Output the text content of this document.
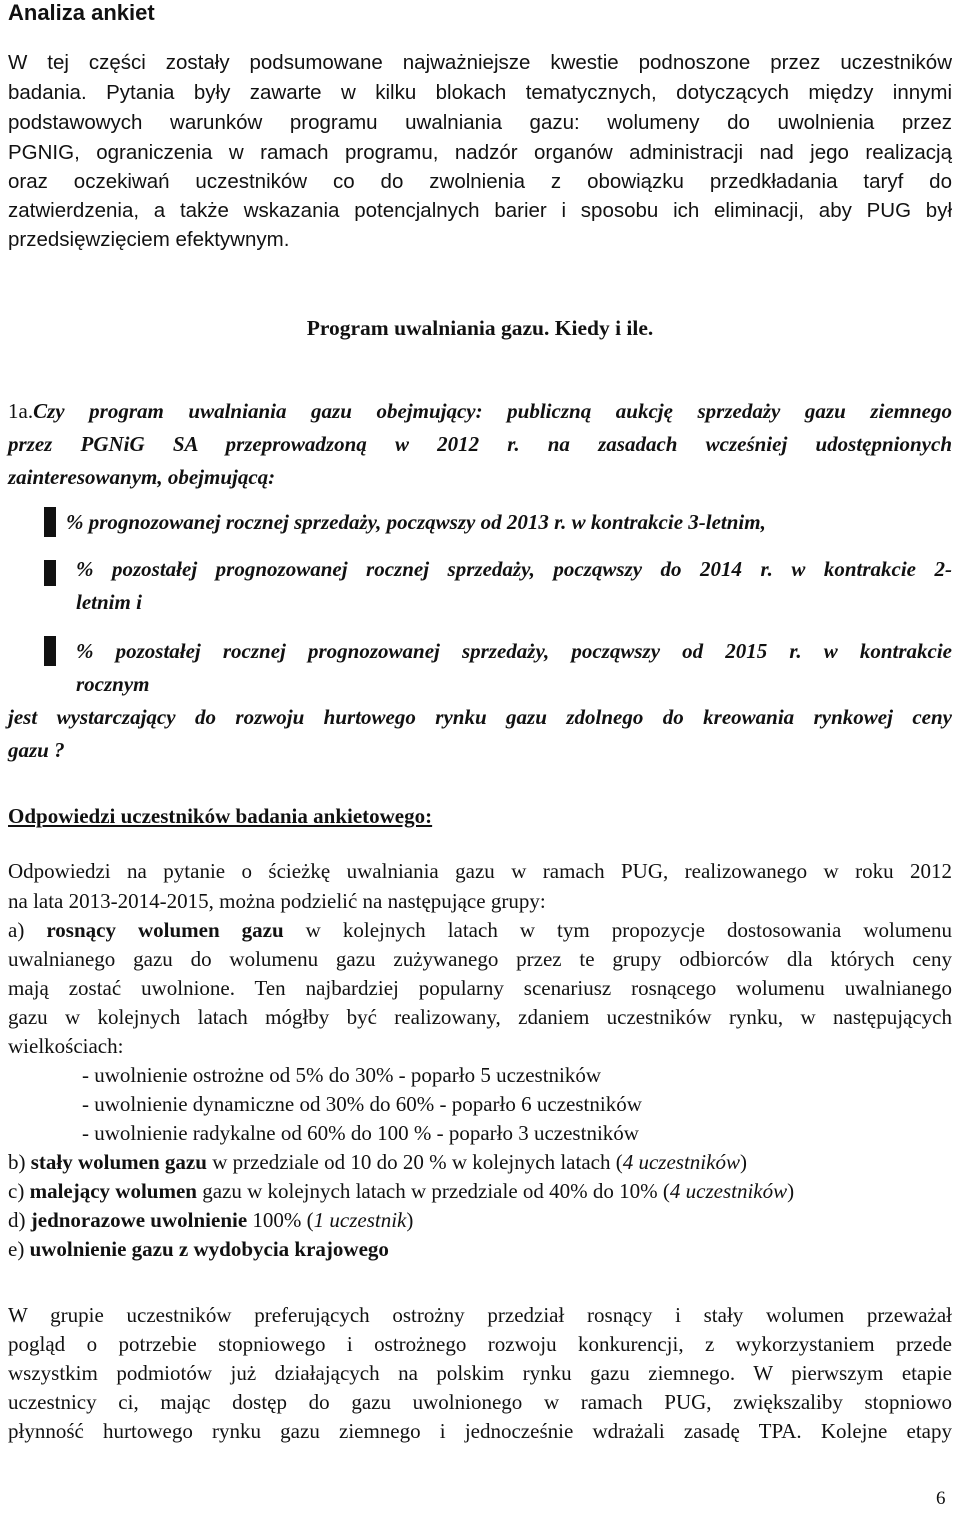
Analiza ankiet
W tej części zostały podsumowane najważniejsze kwestie podnoszone przez uczestników
badania. Pytania były zawarte w kilku blokach tematycznych, dotyczących między innymi
podstawowych warunków programu uwalniania gazu: wolumeny do uwolnienia przez
PGNIG, ograniczenia w ramach programu, nadzór organów administracji nad jego realizacją
oraz oczekiwań uczestników co do zwolnienia z obowiązku przedkładania taryf do
zatwierdzenia, a także wskazania potencjalnych barier i sposobu ich eliminacji, aby PUG był
przedsięwzięciem efektywnym.
Program uwalniania gazu. Kiedy i ile.
1a.Czy program uwalniania gazu obejmujący: publiczną aukcję sprzedaży gazu ziemnego
przez PGNiG SA przeprowadzoną w 2012 r. na zasadach wcześniej udostępnionych
zainteresowanym, obejmującą:
% prognozowanej rocznej sprzedaży, począwszy od 2013 r. w kontrakcie 3-letnim,
% pozostałej prognozowanej rocznej sprzedaży, począwszy do 2014 r. w kontrakcie 2-
letnim i
% pozostałej rocznej prognozowanej sprzedaży, począwszy od 2015 r. w kontrakcie
rocznym
jest wystarczający do rozwoju hurtowego rynku gazu zdolnego do kreowania rynkowej ceny
gazu ?
Odpowiedzi uczestników badania ankietowego:
Odpowiedzi na pytanie o ścieżkę uwalniania gazu w ramach PUG, realizowanego w roku 2012
na lata 2013-2014-2015, można podzielić na następujące grupy:
a) rosnący wolumen gazu w kolejnych latach w tym propozycje dostosowania wolumenu
uwalnianego gazu do wolumenu gazu zużywanego przez te grupy odbiorców dla których ceny
mają zostać uwolnione. Ten najbardziej popularny scenariusz rosnącego wolumenu uwalnianego
gazu w kolejnych latach mógłby być realizowany, zdaniem uczestników rynku, w następujących
wielkościach:
- uwolnienie ostrożne od 5% do 30% - poparło 5 uczestników
- uwolnienie dynamiczne od 30% do 60% - poparło 6 uczestników
- uwolnienie radykalne od 60% do 100 % - poparło 3 uczestników
b) stały wolumen gazu w przedziale od 10 do 20 % w kolejnych latach (4 uczestników)
c) malejący wolumen gazu w kolejnych latach w przedziale od 40% do 10% (4 uczestników)
d) jednorazowe uwolnienie 100% (1 uczestnik)
e) uwolnienie gazu z wydobycia krajowego
W grupie uczestników preferujących ostrożny przedział rosnący i stały wolumen przeważał
pogląd o potrzebie stopniowego i ostrożnego rozwoju konkurencji, z wykorzystaniem przede
wszystkim podmiotów już działających na polskim rynku gazu ziemnego. W pierwszym etapie
uczestnicy ci, mając dostęp do gazu uwolnionego w ramach PUG, zwiększaliby stopniowo
płynność hurtowego rynku gazu ziemnego i jednocześnie wdrażali zasadę TPA. Kolejne etapy
6
